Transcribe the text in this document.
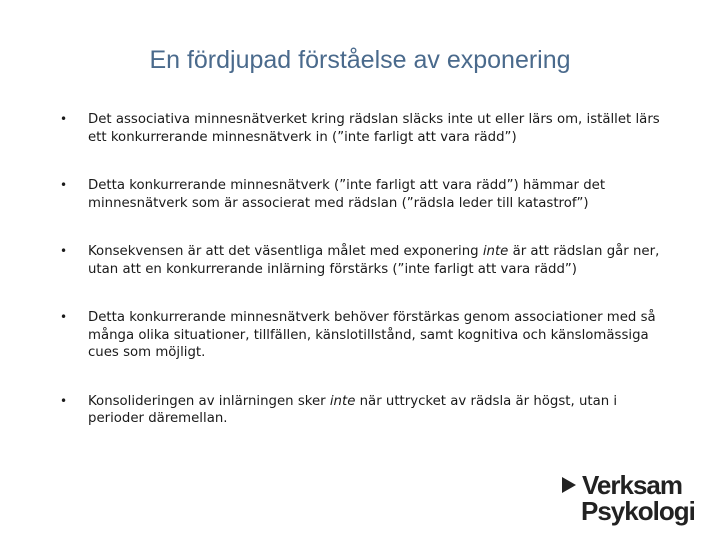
En fördjupad förståelse av exponering
•	Det associativa minnesnätverket kring rädslan släcks inte ut eller lärs om, istället lärs ett konkurrerande minnesnätverk in (”inte farligt att vara rädd”)
•	Detta konkurrerande minnesnätverk (”inte farligt att vara rädd”) hämmar det minnesnätverk som är associerat med rädslan (”rädsla leder till katastrof”)
•	Konsekvensen är att det väsentliga målet med exponering inte är att rädslan går ner, utan att en konkurrerande inlärning förstärks (”inte farligt att vara rädd”)
•	Detta konkurrerande minnesnätverk behöver förstärkas genom associationer med så många olika situationer, tillfällen, känslotillstånd, samt kognitiva och känslomässiga cues som möjligt.
•	Konsolideringen av inlärningen sker inte när uttrycket av rädsla är högst, utan i perioder däremellan.
Verksam
Psykologi
